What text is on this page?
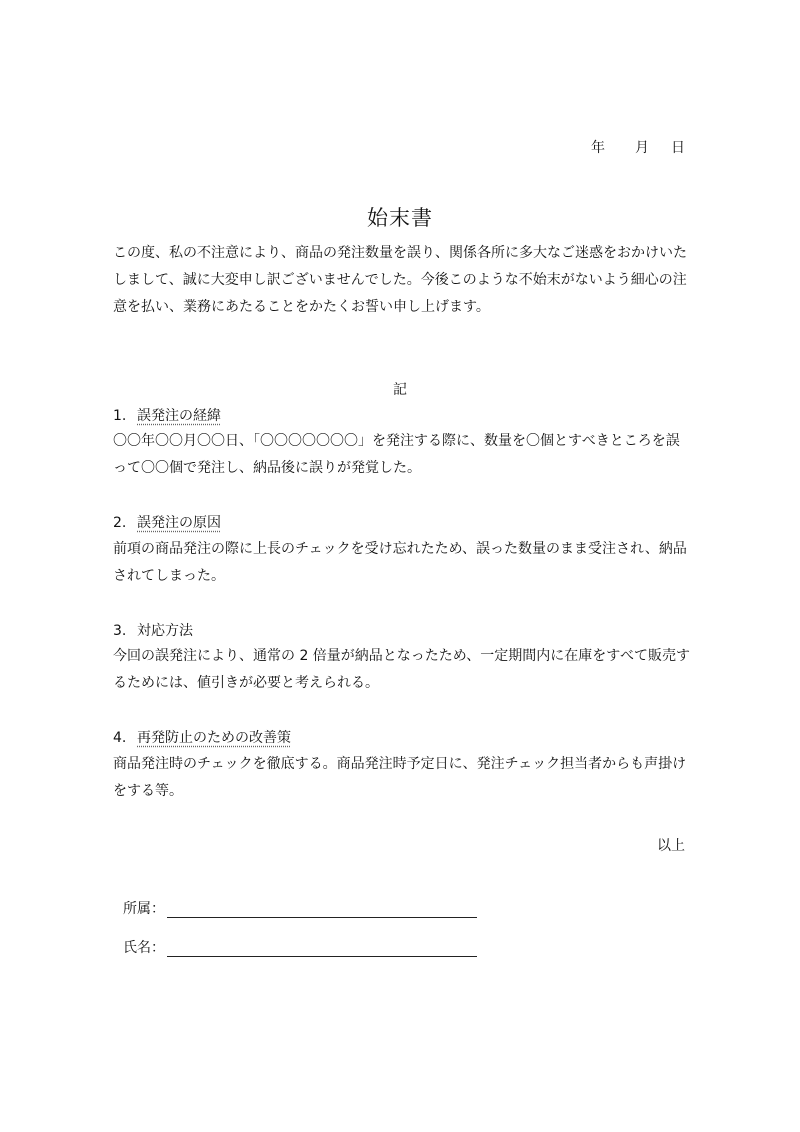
年 月 日
始末書

この度、私の不注意により、商品の発注数量を誤り、関係各所に多大なご迷惑をおかけいたしまして、誠に大変申し訳ございませんでした。今後このような不始末がないよう細心の注意を払い、業務にあたることをかたくお誓い申し上げます。

記
1. 誤発注の経緯

〇〇年〇〇月〇〇日、「〇〇〇〇〇〇〇」を発注する際に、数量を〇個とすべきところを誤って〇〇個で発注し、納品後に誤りが発覚した。

2. 誤発注の原因

前項の商品発注の際に上長のチェックを受け忘れたため、誤った数量のまま受注され、納品されてしまった。

3. 対応方法

今回の誤発注により、通常の 2 倍量が納品となったため、一定期間内に在庫をすべて販売するためには、値引きが必要と考えられる。

4. 再発防止のための改善策

商品発注時のチェックを徹底する。商品発注時予定日に、発注チェック担当者からも声掛けをする等。

以上
所属：
氏名：
